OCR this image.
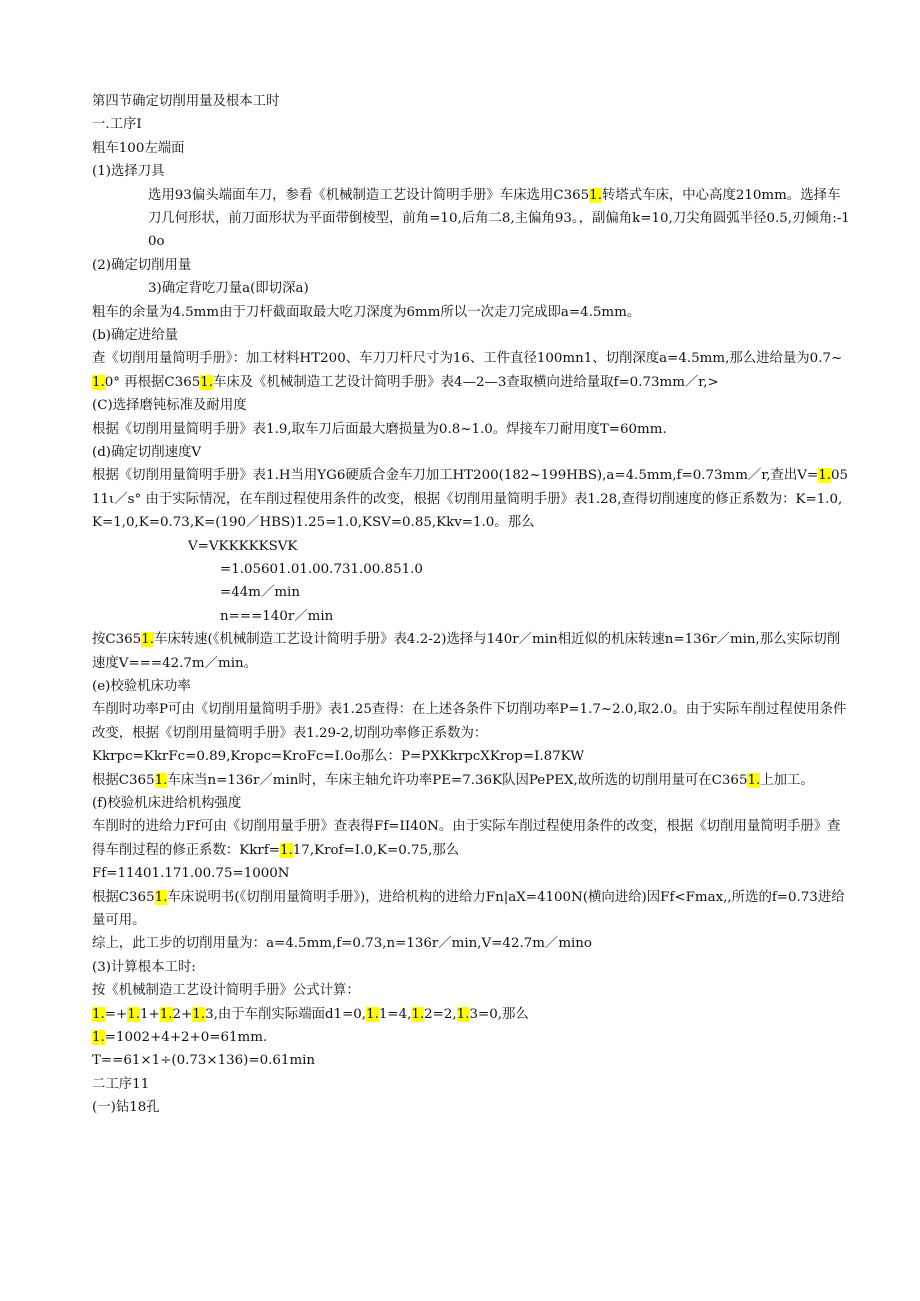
第四节确定切削用量及根本工时
一.工序I
粗车100左端面
(1)选择刀具
选用93偏头端面车刀，参看《机械制造工艺设计简明手册》车床选用C3651.转塔式车床，中心高度210mm。选择车刀几何形状，前刀面形状为平面带倒棱型，前角=10,后角二8,主偏角93。，副偏角k=10,刀尖角圆弧半径0.5,刃倾角:-10o
(2)确定切削用量
3)确定背吃刀量a(即切深a)
粗车的余量为4.5mm由于刀杆截面取最大吃刀深度为6mm所以一次走刀完成即a=4.5mm。
(b)确定进给量
查《切削用量简明手册》：加工材料HT200、车刀刀杆尺寸为16、工件直径100mn1、切削深度a=4.5mm,那么进给量为0.7~1.0° 再根据C3651.车床及《机械制造工艺设计简明手册》表4—2—3查取横向进给量取f=0.73mm／r,>
(C)选择磨钝标准及耐用度
根据《切削用量简明手册》表1.9,取车刀后面最大磨损量为0.8~1.0。焊接车刀耐用度T=60mm.
(d)确定切削速度V
根据《切削用量简明手册》表1.H当用YG6硬质合金车刀加工HT200(182~199HBS),a=4.5mm,f=0.73mm／r,查出V=1.0511ι／s° 由于实际情况，在车削过程使用条件的改变，根据《切削用量简明手册》表1.28,查得切削速度的修正系数为：K=1.0,K=1,0,K=0.73,K=(190／HBS)1.25=1.0,KSV=0.85,Kkv=1.0。那么
V=VKKKKKSVK
=1.05601.01.00.731.00.851.0
=44m／min
n===140r／min
按C3651.车床转速(《机械制造工艺设计简明手册》表4.2-2)选择与140r／min相近似的机床转速n=136r／min,那么实际切削速度V===42.7m／min。
(e)校验机床功率
车削时功率P可由《切削用量简明手册》表1.25查得：在上述各条件下切削功率P=1.7~2.0,取2.0。由于实际车削过程使用条件改变，根据《切削用量简明手册》表1.29-2,切削功率修正系数为：
Kkrpc=KkrFc=0.89,Kropc=KroFc=I.0o那么：P=PXKkrpcXKrop=I.87KW
根据C3651.车床当n=136r／min时，车床主轴允许功率PE=7.36K队因PePEX,故所选的切削用量可在C3651.上加工。
(f)校验机床进给机构强度
车削时的进给力Ff可由《切削用量手册》查表得Ff=II40N。由于实际车削过程使用条件的改变，根据《切削用量简明手册》查得车削过程的修正系数：Kkrf=1.17,Krof=I.0,K=0.75,那么
Ff=11401.171.00.75=1000N
根据C3651.车床说明书(《切削用量简明手册》)，进给机构的进给力Fn|aX=4100N(横向进给)因Ff<Fmax,,所选的f=0.73进给量可用。
综上，此工步的切削用量为：a=4.5mm,f=0.73,n=136r／min,V=42.7m／mino
(3)计算根本工时:
按《机械制造工艺设计简明手册》公式计算：
1.=+1.1+1.2+1.3,由于车削实际端面d1=0,1.1=4,1.2=2,1.3=0,那么
1.=1002+4+2+0=61mm.
T==61×1÷(0.73×136)=0.61min
二工序11
(一)钻18孔
